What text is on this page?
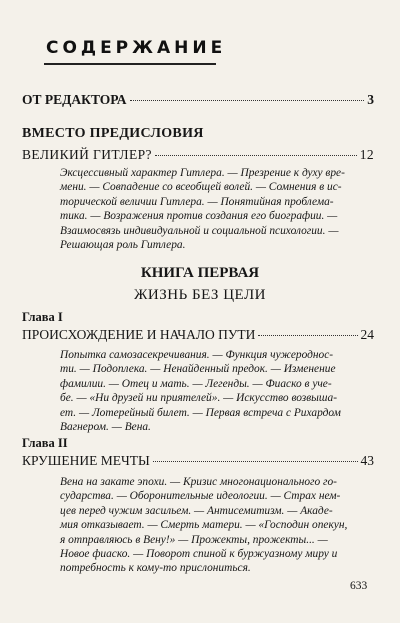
СОДЕРЖАНИЕ
ОТ РЕДАКТОРА	3
ВМЕСТО ПРЕДИСЛОВИЯ
ВЕЛИКИЙ ГИТЛЕР?	12

Эксцессивный характер Гитлера. — Презрение к духу вре-

мени. — Совпадение со всеобщей волей. — Сомнения в ис-

торической величии Гитлера. — Понятийная проблема-

тика. — Возражения против создания его биографии. —

Взаимосвязь индивидуальной и социальной психологии. —

Решающая роль Гитлера.

КНИГА ПЕРВАЯ
ЖИЗНЬ БЕЗ ЦЕЛИ
Глава I
ПРОИСХОЖДЕНИЕ И НАЧАЛО ПУТИ	24

Попытка самозасекречивания. — Функция чужероднос-

ти. — Подоплека. — Ненайденный предок. — Изменение

фамилии. — Отец и мать. — Легенды. — Фиаско в уче-

бе. — «Ни друзей ни приятелей». — Искусство возвыша-

ет. — Лотерейный билет. — Первая встреча с Рихардом

Вагнером. — Вена.

Глава II
КРУШЕНИЕ МЕЧТЫ	43

Вена на закате эпохи. — Кризис многонационального го-

сударства. — Оборонительные идеологии. — Страх нем-

цев перед чужим засильем. — Антисемитизм. — Акаде-

мия отказывает. — Смерть матери. — «Господин опекун,

я отправляюсь в Вену!» — Прожекты, прожекты... —

Новое фиаско. — Поворот спиной к буржуазному миру и

потребность к кому-то прислониться.

633
